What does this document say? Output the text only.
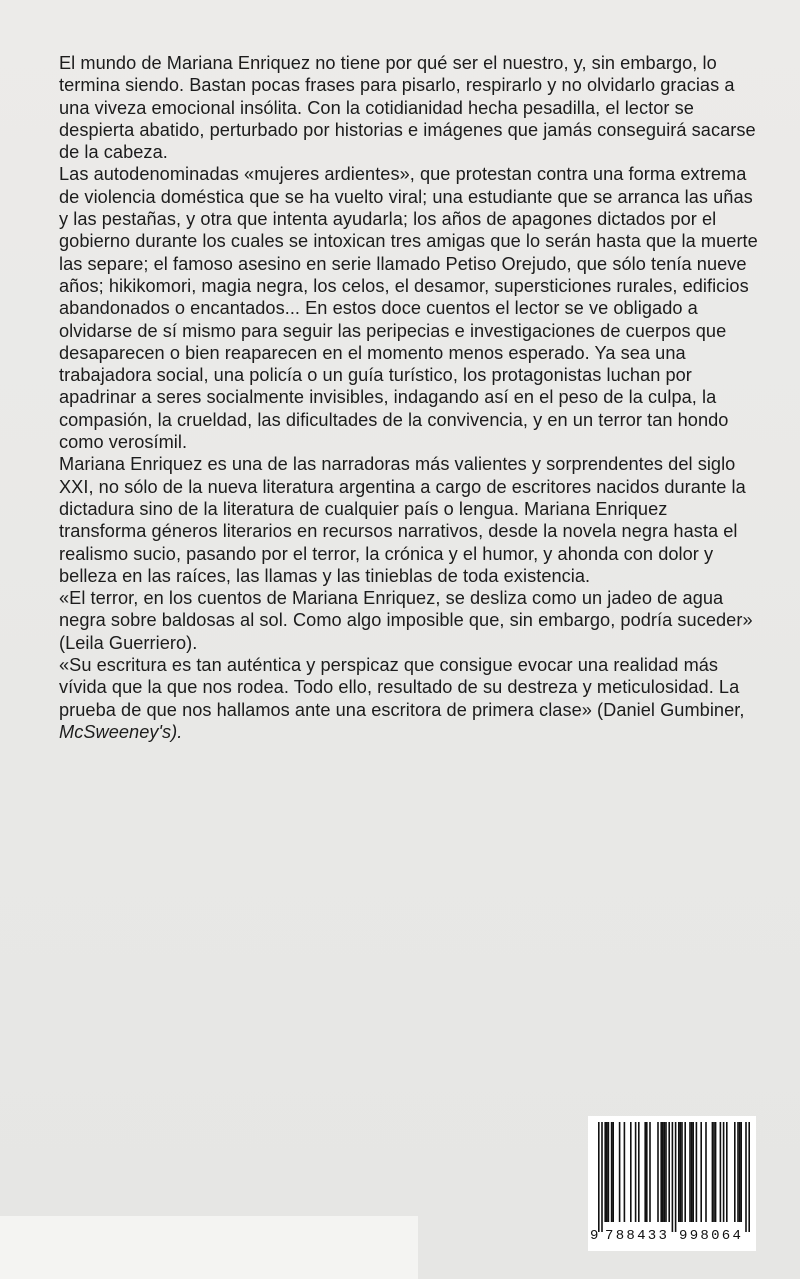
El mundo de Mariana Enriquez no tiene por qué ser el nuestro, y, sin embargo, lo termina siendo. Bastan pocas frases para pisarlo, respirarlo y no olvidarlo gracias a una viveza emocional insólita. Con la cotidianidad hecha pesadilla, el lector se despierta abatido, perturbado por historias e imágenes que jamás conseguirá sacarse de la cabeza.

Las autodenominadas «mujeres ardientes», que protestan contra una forma extrema de violencia doméstica que se ha vuelto viral; una estudiante que se arranca las uñas y las pestañas, y otra que intenta ayudarla; los años de apagones dictados por el gobierno durante los cuales se intoxican tres amigas que lo serán hasta que la muerte las separe; el famoso asesino en serie llamado Petiso Orejudo, que sólo tenía nueve años; hikikomori, magia negra, los celos, el desamor, supersticiones rurales, edificios abandonados o encantados... En estos doce cuentos el lector se ve obligado a olvidarse de sí mismo para seguir las peripecias e investigaciones de cuerpos que desaparecen o bien reaparecen en el momento menos esperado. Ya sea una trabajadora social, una policía o un guía turístico, los protagonistas luchan por apadrinar a seres socialmente invisibles, indagando así en el peso de la culpa, la compasión, la crueldad, las dificultades de la convivencia, y en un terror tan hondo como verosímil.

Mariana Enriquez es una de las narradoras más valientes y sorprendentes del siglo XXI, no sólo de la nueva literatura argentina a cargo de escritores nacidos durante la dictadura sino de la literatura de cualquier país o lengua. Mariana Enriquez transforma géneros literarios en recursos narrativos, desde la novela negra hasta el realismo sucio, pasando por el terror, la crónica y el humor, y ahonda con dolor y belleza en las raíces, las llamas y las tinieblas de toda existencia.

«El terror, en los cuentos de Mariana Enriquez, se desliza como un jadeo de agua negra sobre baldosas al sol. Como algo imposible que, sin embargo, podría suceder» (Leila Guerriero).

«Su escritura es tan auténtica y perspicaz que consigue evocar una realidad más vívida que la que nos rodea. Todo ello, resultado de su destreza y meticulosidad. La prueba de que nos hallamos ante una escritora de primera clase» (Daniel Gumbiner, McSweeney's).

9 788433 998064
